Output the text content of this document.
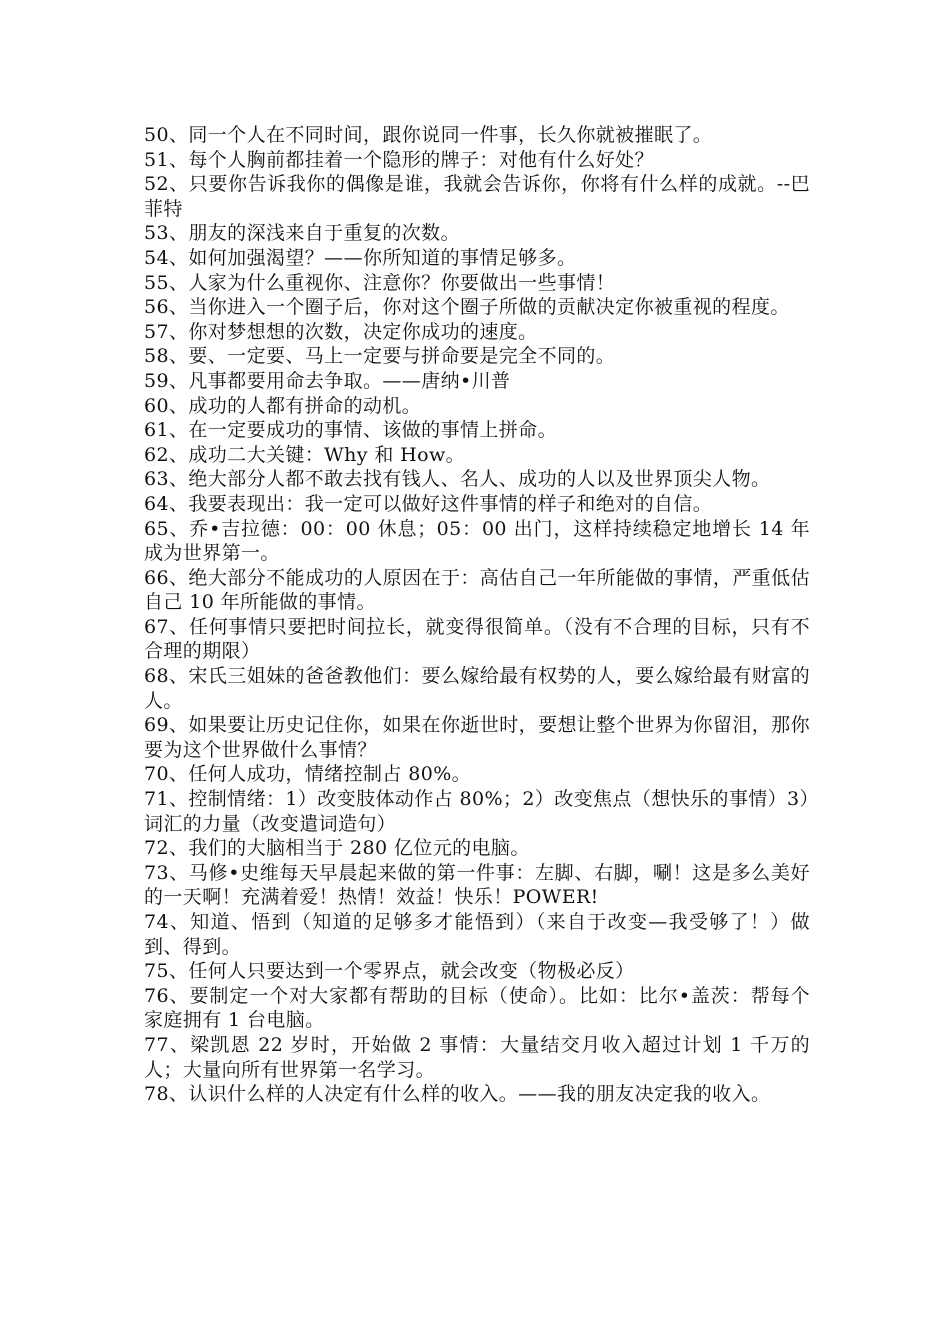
50、同一个人在不同时间，跟你说同一件事，长久你就被摧眠了。

51、每个人胸前都挂着一个隐形的牌子：对他有什么好处？

52、只要你告诉我你的偶像是谁，我就会告诉你，你将有什么样的成就。--巴菲特

53、朋友的深浅来自于重复的次数。

54、如何加强渴望？——你所知道的事情足够多。

55、人家为什么重视你、注意你？你要做出一些事情！

56、当你进入一个圈子后，你对这个圈子所做的贡献决定你被重视的程度。

57、你对梦想想的次数，决定你成功的速度。

58、要、一定要、马上一定要与拼命要是完全不同的。

59、凡事都要用命去争取。——唐纳•川普

60、成功的人都有拼命的动机。

61、在一定要成功的事情、该做的事情上拼命。

62、成功二大关键：Why 和 How。

63、绝大部分人都不敢去找有钱人、名人、成功的人以及世界顶尖人物。

64、我要表现出：我一定可以做好这件事情的样子和绝对的自信。

65、乔•吉拉德：00：00 休息；05：00 出门，这样持续稳定地增长 14 年成为世界第一。

66、绝大部分不能成功的人原因在于：高估自己一年所能做的事情，严重低估自己 10 年所能做的事情。

67、任何事情只要把时间拉长，就变得很简单。（没有不合理的目标，只有不合理的期限）

68、宋氏三姐妹的爸爸教他们：要么嫁给最有权势的人，要么嫁给最有财富的人。

69、如果要让历史记住你，如果在你逝世时，要想让整个世界为你留泪，那你要为这个世界做什么事情？

70、任何人成功，情绪控制占 80%。

71、控制情绪：1）改变肢体动作占 80%；2）改变焦点（想快乐的事情）3）

词汇的力量（改变遣词造句）

72、我们的大脑相当于 280 亿位元的电脑。

73、马修•史维每天早晨起来做的第一件事：左脚、右脚，唰！这是多么美好的一天啊！充满着爱！热情！效益！快乐！POWER!

74、知道、悟到（知道的足够多才能悟到）（来自于改变—我受够了！）做到、得到。

75、任何人只要达到一个零界点，就会改变（物极必反）

76、要制定一个对大家都有帮助的目标（使命）。比如：比尔•盖茨：帮每个家庭拥有 1 台电脑。

77、梁凯恩 22 岁时，开始做 2 事情：大量结交月收入超过计划 1 千万的人；大量向所有世界第一名学习。

78、认识什么样的人决定有什么样的收入。——我的朋友决定我的收入。
